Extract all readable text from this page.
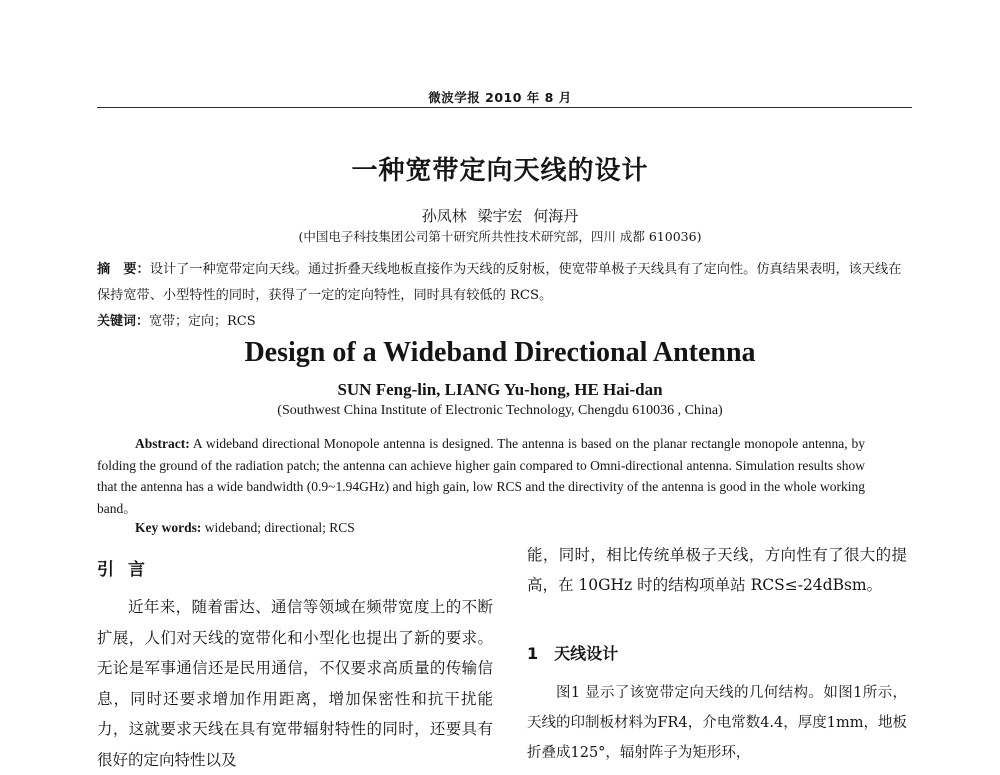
微波学报 2010 年 8 月
一种宽带定向天线的设计
孙凤林 梁宇宏 何海丹
(中国电子科技集团公司第十研究所共性技术研究部，四川 成都 610036)
摘　要：设计了一种宽带定向天线。通过折叠天线地板直接作为天线的反射板，使宽带单极子天线具有了定向性。仿真结果表明，该天线在保持宽带、小型特性的同时，获得了一定的定向特性，同时具有较低的 RCS。
关键词：宽带；定向；RCS
Design of a Wideband Directional Antenna
SUN Feng-lin, LIANG Yu-hong, HE Hai-dan
(Southwest China Institute of Electronic Technology, Chengdu 610036 , China)

Abstract: A wideband directional Monopole antenna is designed. The antenna is based on the planar rectangle monopole antenna, by folding the ground of the radiation patch; the antenna can achieve higher gain compared to Omni-directional antenna. Simulation results show that the antenna has a wide bandwidth (0.9~1.94GHz) and high gain, low RCS and the directivity of the antenna is good in the whole working band。

Key words: wideband; directional; RCS
引言

近年来，随着雷达、通信等领域在频带宽度上的不断扩展，人们对天线的宽带化和小型化也提出了新的要求。无论是军事通信还是民用通信，不仅要求高质量的传输信息，同时还要求增加作用距离，增加保密性和抗干扰能力，这就要求天线在具有宽带辐射特性的同时，还要具有很好的定向特性以及

能，同时，相比传统单极子天线，方向性有了很大的提高，在 10GHz 时的结构项单站 RCS≤-24dBsm。

1 天线设计

图1 显示了该宽带定向天线的几何结构。如图1所示，天线的印制板材料为FR4，介电常数4.4，厚度1mm，地板折叠成125°，辐射阵子为矩形环，
